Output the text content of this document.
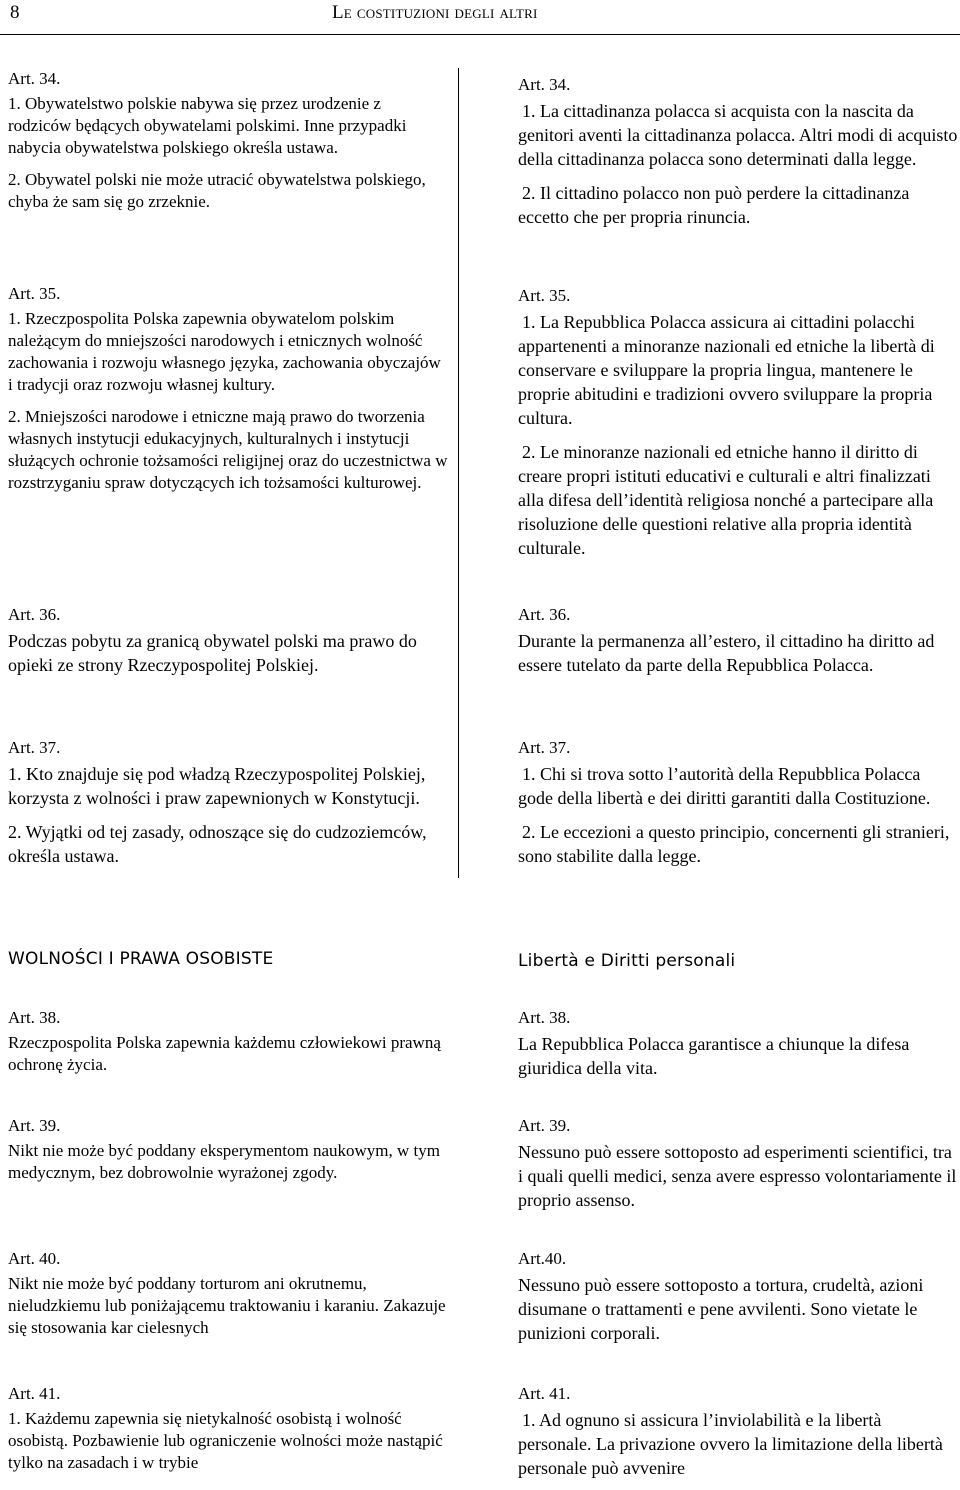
8	Le costituzioni degli altri
Art. 34.
1. Obywatelstwo polskie nabywa się przez urodzenie z rodziców będących obywatelami polskimi. Inne przypadki nabycia obywatelstwa polskiego określa ustawa.
2. Obywatel polski nie może utracić obywatelstwa polskiego, chyba że sam się go zrzeknie.
Art. 35.
1. Rzeczpospolita Polska zapewnia obywatelom polskim należącym do mniejszości narodowych i etnicznych wolność zachowania i rozwoju własnego języka, zachowania obyczajów i tradycji oraz rozwoju własnej kultury.
2. Mniejszości narodowe i etniczne mają prawo do tworzenia własnych instytucji edukacyjnych, kulturalnych i instytucji służących ochronie tożsamości religijnej oraz do uczestnictwa w rozstrzyganiu spraw dotyczących ich tożsamości kulturowej.
Art. 36.
Podczas pobytu za granicą obywatel polski ma prawo do opieki ze strony Rzeczypospolitej Polskiej.
Art. 37.
1. Kto znajduje się pod władzą Rzeczypospolitej Polskiej, korzysta z wolności i praw zapewnionych w Konstytucji.
2. Wyjątki od tej zasady, odnoszące się do cudzoziemców, określa ustawa.
WOLNOŚCI I PRAWA OSOBISTE
Art. 38.
Rzeczpospolita Polska zapewnia każdemu człowiekowi prawną ochronę życia.
Art. 39.
Nikt nie może być poddany eksperymentom naukowym, w tym medycznym, bez dobrowolnie wyrażonej zgody.
Art. 40.
Nikt nie może być poddany torturom ani okrutnemu, nieludzkiemu lub poniżającemu traktowaniu i karaniu. Zakazuje się stosowania kar cielesnych
Art. 41.
1. Każdemu zapewnia się nietykalność osobistą i wolność osobistą. Pozbawienie lub ograniczenie wolności może nastąpić tylko na zasadach i w trybie
Art. 34.
1. La cittadinanza polacca si acquista con la nascita da genitori aventi la cittadinanza polacca. Altri modi di acquisto della cittadinanza polacca sono determinati dalla legge.
2. Il cittadino polacco non può perdere la cittadinanza eccetto che per propria rinuncia.
Art. 35.
1. La Repubblica Polacca assicura ai cittadini polacchi appartenenti a minoranze nazionali ed etniche la libertà di conservare e sviluppare la propria lingua, mantenere le proprie abitudini e tradizioni ovvero sviluppare la propria cultura.
2. Le minoranze nazionali ed etniche hanno il diritto di creare propri istituti educativi e culturali e altri finalizzati alla difesa dell’identità religiosa nonché a partecipare alla risoluzione delle questioni relative alla propria identità culturale.
Art. 36.
Durante la permanenza all’estero, il cittadino ha diritto ad essere tutelato da parte della Repubblica Polacca.
Art. 37.
1. Chi si trova sotto l’autorità della Repubblica Polacca gode della libertà e dei diritti garantiti dalla Costituzione.
2. Le eccezioni a questo principio, concernenti gli stranieri, sono stabilite dalla legge.
Libertà e Diritti personali
Art. 38.
La Repubblica Polacca garantisce a chiunque la difesa giuridica della vita.
Art. 39.
Nessuno può essere sottoposto ad esperimenti scientifici, tra i quali quelli medici, senza avere espresso volontariamente il proprio assenso.
Art.40.
Nessuno può essere sottoposto a tortura, crudeltà, azioni disumane o trattamenti e pene avvilenti. Sono vietate le punizioni corporali.
Art. 41.
1. Ad ognuno si assicura l’inviolabilità e la libertà personale. La privazione ovvero la limitazione della libertà personale può avvenire
